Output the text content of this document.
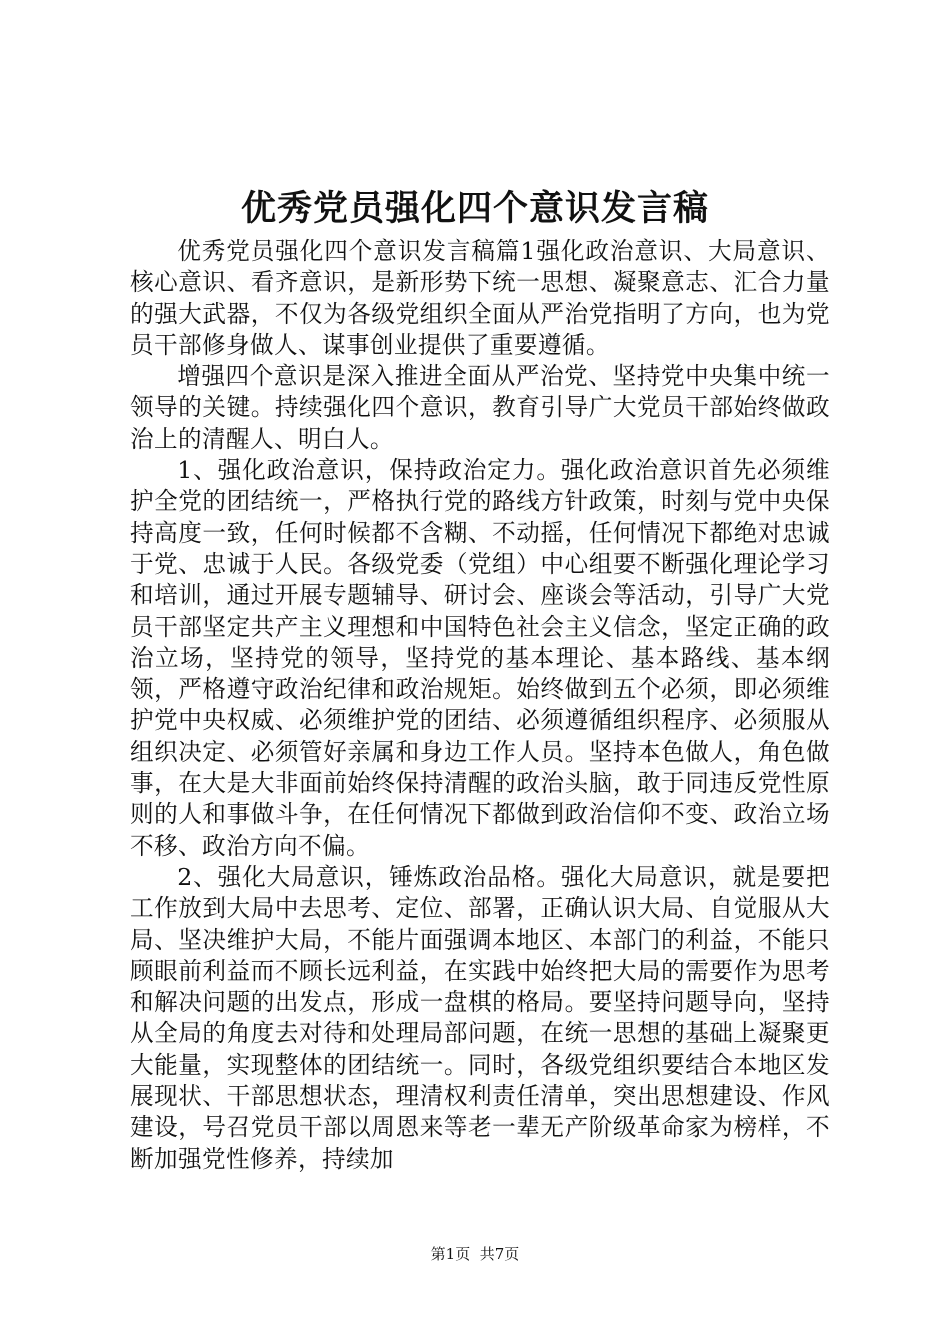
优秀党员强化四个意识发言稿

优秀党员强化四个意识发言稿篇1强化政治意识、大局意识、核心意识、看齐意识，是新形势下统一思想、凝聚意志、汇合力量的强大武器，不仅为各级党组织全面从严治党指明了方向，也为党员干部修身做人、谋事创业提供了重要遵循。

增强四个意识是深入推进全面从严治党、坚持党中央集中统一领导的关键。持续强化四个意识，教育引导广大党员干部始终做政治上的清醒人、明白人。

1、强化政治意识，保持政治定力。强化政治意识首先必须维护全党的团结统一，严格执行党的路线方针政策，时刻与党中央保持高度一致，任何时候都不含糊、不动摇，任何情况下都绝对忠诚于党、忠诚于人民。各级党委（党组）中心组要不断强化理论学习和培训，通过开展专题辅导、研讨会、座谈会等活动，引导广大党员干部坚定共产主义理想和中国特色社会主义信念，坚定正确的政治立场，坚持党的领导，坚持党的基本理论、基本路线、基本纲领，严格遵守政治纪律和政治规矩。始终做到五个必须，即必须维护党中央权威、必须维护党的团结、必须遵循组织程序、必须服从组织决定、必须管好亲属和身边工作人员。坚持本色做人，角色做事，在大是大非面前始终保持清醒的政治头脑，敢于同违反党性原则的人和事做斗争，在任何情况下都做到政治信仰不变、政治立场不移、政治方向不偏。

2、强化大局意识，锤炼政治品格。强化大局意识，就是要把工作放到大局中去思考、定位、部署，正确认识大局、自觉服从大局、坚决维护大局，不能片面强调本地区、本部门的利益，不能只顾眼前利益而不顾长远利益，在实践中始终把大局的需要作为思考和解决问题的出发点，形成一盘棋的格局。要坚持问题导向，坚持从全局的角度去对待和处理局部问题，在统一思想的基础上凝聚更大能量，实现整体的团结统一。同时，各级党组织要结合本地区发展现状、干部思想状态，理清权利责任清单，突出思想建设、作风建设，号召党员干部以周恩来等老一辈无产阶级革命家为榜样，不断加强党性修养，持续加

第1页 共7页
